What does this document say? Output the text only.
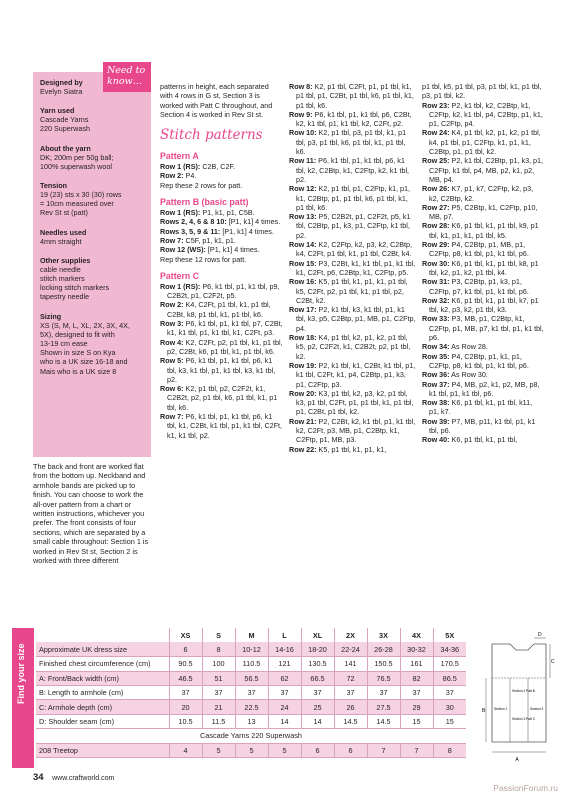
Designed by
Evelyn Siatra
Yarn used
Cascade Yarns
220 Superwash
About the yarn
DK; 200m per 50g ball;
100% superwash wool
Tension
19 (23) sts x 30 (30) rows
= 10cm measured over
Rev St st (patt)
Needles used
4mm straight
Other supplies
cable needle
stitch markers
locking stitch markers
tapestry needle
Sizing
XS (S, M, L, XL, 2X, 3X, 4X,
5X), designed to fit with
13-19 cm ease
Shown in size S on Kya
who is a UK size 16-18 and
Mais who is a UK size 8
Need to know…
The back and front are worked flat from the bottom up. Neckband and armhole bands are picked up to finish. You can choose to work the all-over pattern from a chart or written instructions, whichever you prefer. The front consists of four sections, which are separated by a small cable throughout: Section 1 is worked in Rev St st, Section 2 is worked with three different
patterns in height, each separated with 4 rows in G st, Section 3 is worked with Patt C throughout, and Section 4 is worked in Rev St st.
Stitch patterns
Pattern A
Row 1 (RS): C2B, C2F.
Row 2: P4.
Rep these 2 rows for patt.
Pattern B (basic patt)
Row 1 (RS): P1, k1, p1, C5B.
Rows 2, 4, 6 & 8 10: [P1, k1] 4 times.
Rows 3, 5, 9 & 11: [P1, k1] 4 times.
Row 7: C5F, p1, k1, p1.
Row 12 (WS): [P1, k1] 4 times.
Rep these 12 rows for patt.
Pattern C
Row 1 (RS): P6, k1 tbl, p1, k1 tbl, p9, C2B2t, p1, C2F2t, p5.
Row 2: K4, C2Ft, p1 tbl, k1, p1 tbl, C2Bt, k8, p1 tbl, k1, p1 tbl, k6.
Row 3: P6, k1 tbl, p1, k1 tbl, p7, C2Bt, k1, k1 tbl, p1, k1 tbl, k1, C2Ft, p3.
Row 4: K2, C2Ft, p2, p1 tbl, k1, p1 tbl, p2, C2Bt, k6, p1 tbl, k1, p1 tbl, k6.
Row 5: P6, k1 tbl, p1, k1 tbl, p6, k1 tbl, k3, k1 tbl, p1, k1 tbl, k3, k1 tbl, p2.
Row 6: K2, p1 tbl, p2, C2F2t, k1, C2B2t, p2, p1 tbl, k6, p1 tbl, k1, p1 tbl, k6.
Row 7: P6, k1 tbl, p1, k1 tbl, p6, k1 tbl, k1, C2Bt, k1 tbl, p1, k1 tbl, C2Ft, k1, k1 tbl, p2.
Row 8: K2, p1 tbl, C2Ft, p1, p1 tbl, k1, p1 tbl, p1, C2Bt, p1 tbl, k6, p1 tbl, k1, p1 tbl, k6.
Row 9: P6, k1 tbl, p1, k1 tbl, p6, C2Bt, k2, k1 tbl, p1, k1 tbl, k2, C2Ft, p2.
Row 10: K2, p1 tbl, p3, p1 tbl, k1, p1 tbl, p3, p1 tbl, k6, p1 tbl, k1, p1 tbl, k6.
Row 11: P6, k1 tbl, p1, k1 tbl, p6, k1 tbl, k2, C2Btp, k1, C2Ftp, k2, k1 tbl, p2.
Row 12: K2, p1 tbl, p1, C2Ftp, k1, p1, k1, C2Btp, p1, p1 tbl, k6, p1 tbl, k1, p1 tbl, k6.
Row 13: P5, C2B2t, p1, C2F2t, p5, k1 tbl, C2Btp, p1, k3, p1, C2Ftp, k1 tbl, p2.
Row 14: K2, C2Ftp, k2, p3, k2, C2Btp, k4, C2Ft, p1 tbl, k1, p1 tbl, C2Bt, k4.
Row 15: P3, C2Bt, k1, k1 tbl, p1, k1 tbl, k1, C2Ft, p6, C2Btp, k1, C2Ftp, p5.
Row 16: K5, p1 tbl, k1, p1, k1, p1 tbl, k5, C2Ft, p2, p1 tbl, k1, p1 tbl, p2, C2Bt, k2.
Row 17: P2, k1 tbl, k3, k1 tbl, p1, k1 tbl, k3, p5, C2Btp, p1, MB, p1, C2Ftp, p4.
Row 18: K4, p1 tbl, k2, p1, k2, p1 tbl, k5, p2, C2F2t, k1, C2B2t, p2, p1 tbl, k2.
Row 19: P2, k1 tbl, k1, C2Bt, k1 tbl, p1, k1 tbl, C2Ft, k1, p4, C2Btp, p1, k3, p1, C2Ftp, p3.
Row 20: K3, p1 tbl, k2, p3, k2, p1 tbl, k3, p1 tbl, C2Ft, p1, p1 tbl, k1, p1 tbl, p1, C2Bt, p1 tbl, k2.
Row 21: P2, C2Bt, k2, k1 tbl, p1, k1 tbl, k2, C2Ft, p3, MB, p1, C2Btp, k1, C2Ftp, p1, MB, p3.
Row 22: K5, p1 tbl, k1, p1, k1,
p1 tbl, k5, p1 tbl, p3, p1 tbl, k1, p1 tbl, p3, p1 tbl, k2.
Row 23: P2, k1 tbl, k2, C2Btp, k1, C2Ftp, k2, k1 tbl, p4, C2Btp, p1, k1, p1, C2Ftp, p4.
Row 24: K4, p1 tbl, k2, p1, k2, p1 tbl, k4, p1 tbl, p1, C2Ftp, k1, p1, k1, C2Btp, p1, p1 tbl, k2.
Row 25: P2, k1 tbl, C2Btp, p1, k3, p1, C2Ftp, k1 tbl, p4, MB, p2, k1, p2, MB, p4.
Row 26: K7, p1, k7, C2Ftp, k2, p3, k2, C2Btp, k2.
Row 27: P5, C2Btp, k1, C2Ftp, p10, MB, p7.
Row 28: K6, p1 tbl, k1, p1 tbl, k9, p1 tbl, k1, p1, k1, p1 tbl, k5.
Row 29: P4, C2Btp, p1, MB, p1, C2Ftp, p8, k1 tbl, p1, k1 tbl, p6.
Row 30: K6, p1 tbl, k1, p1 tbl, k8, p1 tbl, k2, p1, k2, p1 tbl, k4.
Row 31: P3, C2Btp, p1, k3, p1, C2Ftp, p7, k1 tbl, p1, k1 tbl, p6.
Row 32: K6, p1 tbl, k1, p1 tbl, k7, p1 tbl, k2, p3, k2, p1 tbl, k3.
Row 33: P3, MB, p1, C2Btp, k1, C2Ftp, p1, MB, p7, k1 tbl, p1, k1 tbl, p6.
Row 34: As Row 28.
Row 35: P4, C2Btp, p1, k1, p1, C2Ftp, p8, k1 tbl, p1, k1 tbl, p6.
Row 36: As Row 30.
Row 37: P4, MB, p2, k1, p2, MB, p8, k1 tbl, p1, k1 tbl, p6.
Row 38: K6, p1 tbl, k1, p1 tbl, k11, p1, k7.
Row 39: P7, MB, p11, k1 tbl, p1, k1 tbl, p6.
Row 40: K6, p1 tbl, k1, p1 tbl,
Find your size
	XS	S	M	L	XL	2X	3X	4X	5X
Approximate UK dress size	6	8	10-12	14-16	18-20	22-24	26-28	30-32	34-36
Finished chest circumference (cm)	90.5	100	110.5	121	130.5	141	150.5	161	170.5
A: Front/Back width (cm)	46.5	51	56.5	62	66.5	72	76.5	82	86.5
B: Length to armhole (cm)	37	37	37	37	37	37	37	37	37
C: Armhole depth (cm)	20	21	22.5	24	25	26	27.5	29	30
D: Shoulder seam (cm)	10.5	11.5	13	14	14	14.5	14.5	15	15
Cascade Yarns 220 Superwash									
208 Treetop	4	5	5	5	6	6	7	7	8
A
B
C
D
Section 1
Section 2 Patt B
Section 3 Patt C
Section 4
34 www.craftworld.com
PassionForum.ru
